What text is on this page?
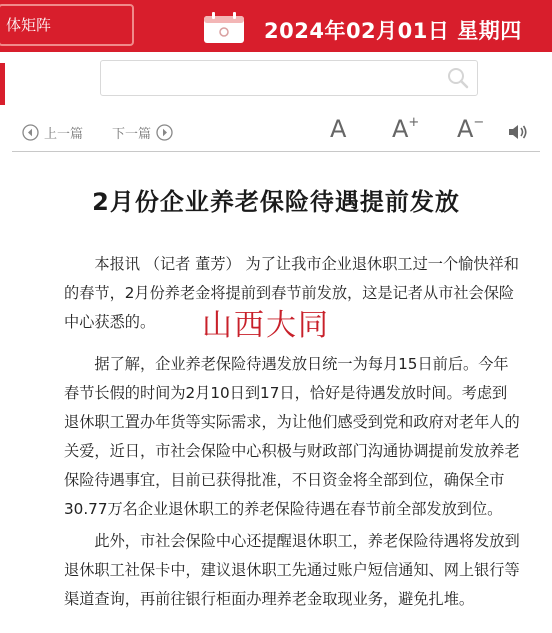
体矩阵	2024年02月01日 星期四
上一篇 下一篇	A A+ A−
2月份企业养老保险待遇提前发放
本报讯 （记者 董芳） 为了让我市企业退休职工过一个愉快祥和的春节，2月份养老金将提前到春节前发放，这是记者从市社会保险中心获悉的。
据了解，企业养老保险待遇发放日统一为每月15日前后。今年春节长假的时间为2月10日到17日，恰好是待遇发放时间。考虑到退休职工置办年货等实际需求，为让他们感受到党和政府对老年人的关爱，近日，市社会保险中心积极与财政部门沟通协调提前发放养老保险待遇事宜，目前已获得批准，不日资金将全部到位，确保全市30.77万名企业退休职工的养老保险待遇在春节前全部发放到位。
此外，市社会保险中心还提醒退休职工，养老保险待遇将发放到退休职工社保卡中，建议退休职工先通过账户短信通知、网上银行等渠道查询，再前往银行柜面办理养老金取现业务，避免扎堆。
山西大同
